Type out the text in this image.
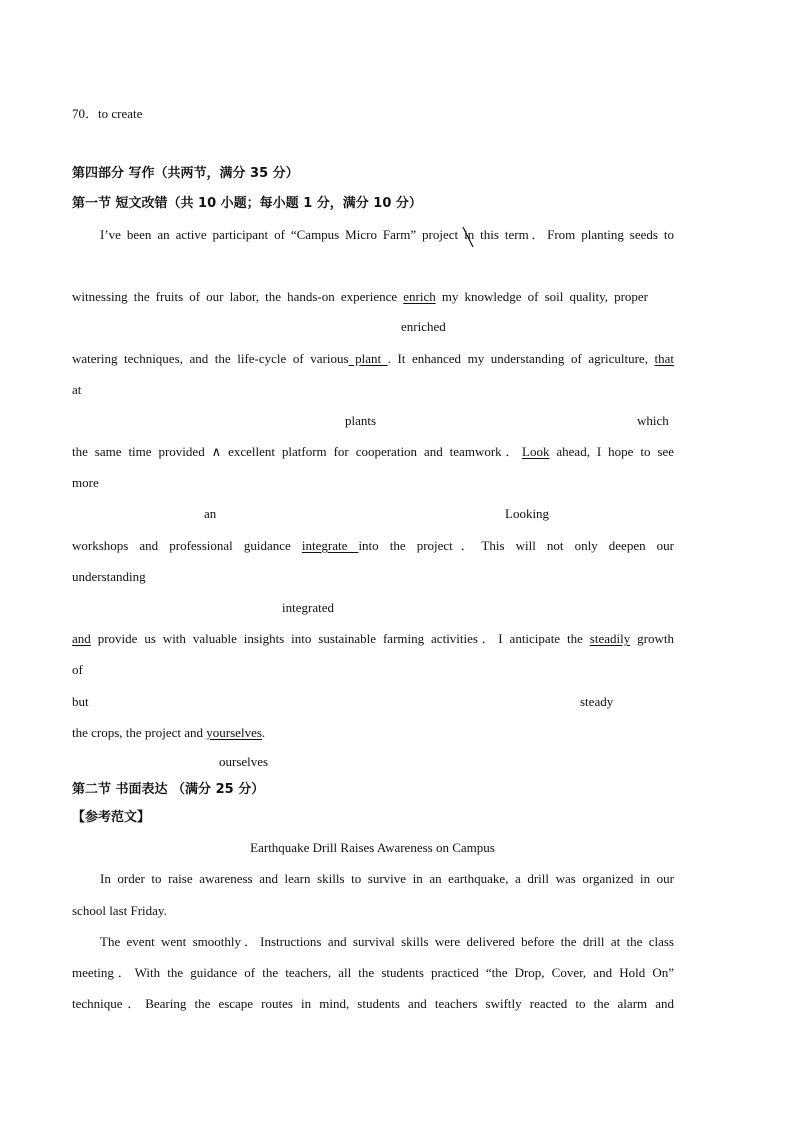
70．to create
第四部分 写作（共两节，满分 35 分）
第一节 短文改错（共 10 小题；每小题 1 分，满分 10 分）
I’ve been an active participant of “Campus Micro Farm” project in this term．From planting seeds to
witnessing the fruits of our labor, the hands-on experience enrich my knowledge of soil quality, proper
enriched
watering techniques, and the life-cycle of various plant . It enhanced my understanding of agriculture, that
at
plants	which
the same time provided ∧ excellent platform for cooperation and teamwork．Look ahead, I hope to see
more
an	Looking
workshops and professional guidance integrate into the project．This will not only deepen our
understanding
integrated
and provide us with valuable insights into sustainable farming activities．I anticipate the steadily growth
of
but	steady
the crops, the project and yourselves.
ourselves
第二节 书面表达 （满分 25 分）
【参考范文】
Earthquake Drill Raises Awareness on Campus
In order to raise awareness and learn skills to survive in an earthquake, a drill was organized in our
school last Friday.
The event went smoothly．Instructions and survival skills were delivered before the drill at the class
meeting．With the guidance of the teachers, all the students practiced “the Drop, Cover, and Hold On”
technique．Bearing the escape routes in mind, students and teachers swiftly reacted to the alarm and
